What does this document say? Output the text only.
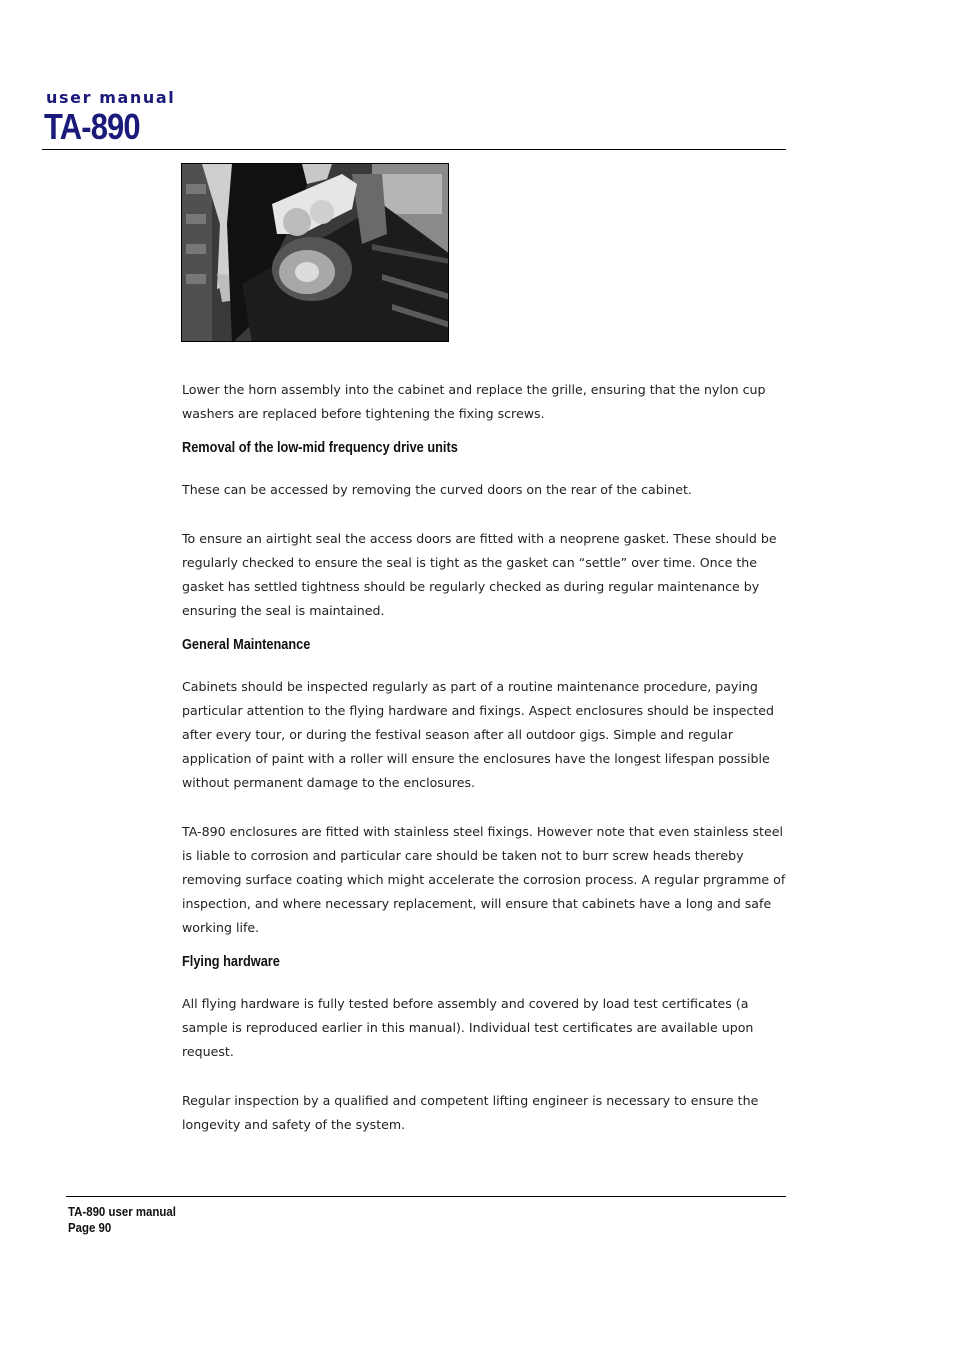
user manual
TA-890

Lower the horn assembly into the cabinet and replace the grille, ensuring that the nylon cup washers are replaced before tightening the fixing screws.

Removal of the low-mid frequency drive units

These can be accessed by removing the curved doors on the rear of the cabinet.

To ensure an airtight seal the access doors are fitted with a neoprene gasket. These should be regularly checked to ensure the seal is tight as the gasket can “settle” over time. Once the gasket has settled tightness should be regularly checked as during regular maintenance by ensuring the seal is maintained.

General Maintenance

Cabinets should be inspected regularly as part of a routine maintenance procedure, paying particular attention to the flying hardware and fixings. Aspect enclosures should be inspected after every tour, or during the festival season after all outdoor gigs. Simple and regular application of paint with a roller will ensure the enclosures have the longest lifespan possible without permanent damage to the enclosures.

TA-890 enclosures are fitted with stainless steel fixings. However note that even stainless steel is liable to corrosion and particular care should be taken not to burr screw heads thereby removing surface coating which might accelerate the corrosion process. A regular prgramme of inspection, and where necessary replacement, will ensure that cabinets have a long and safe working life.

Flying hardware

All flying hardware is fully tested before assembly and covered by load test certificates (a sample is reproduced earlier in this manual). Individual test certificates are available upon request.

Regular inspection by a qualified and competent lifting engineer is necessary to ensure the longevity and safety of the system.

TA-890 user manual
Page 90
